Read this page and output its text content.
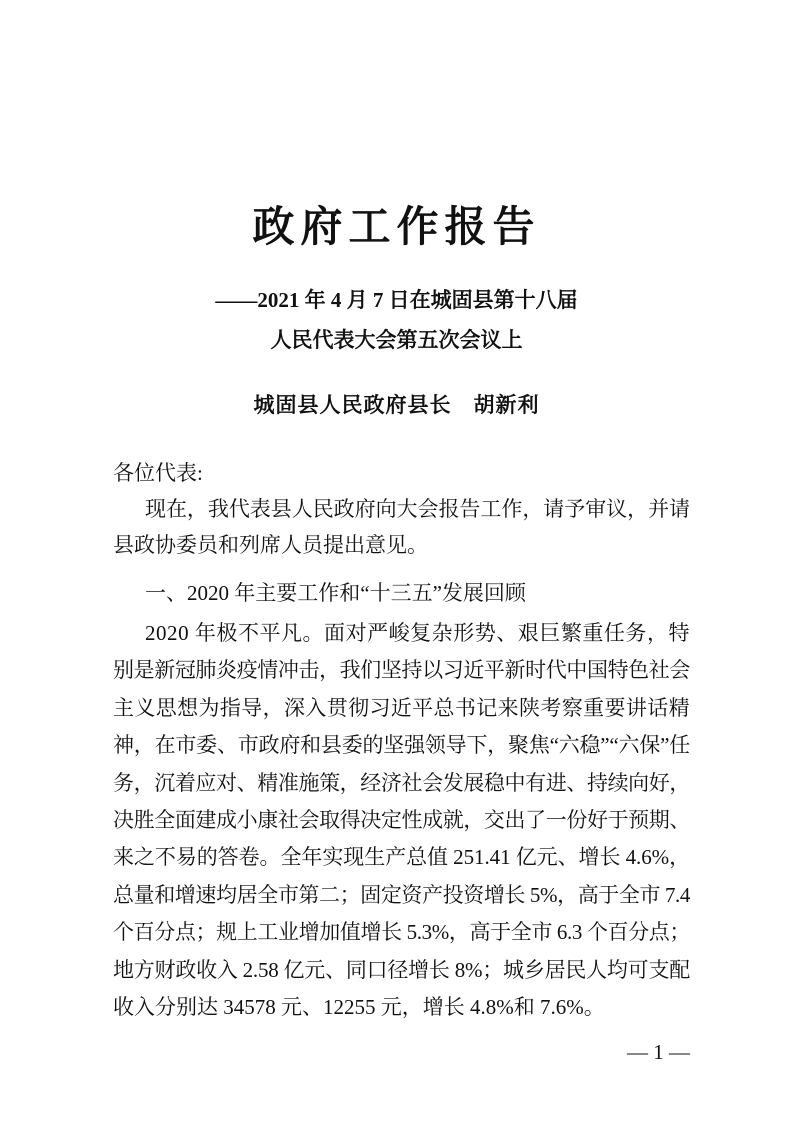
政府工作报告
——2021 年 4 月 7 日在城固县第十八届
人民代表大会第五次会议上
城固县人民政府县长　胡新利
各位代表:
现在，我代表县人民政府向大会报告工作，请予审议，并请
县政协委员和列席人员提出意见。
一、2020 年主要工作和“十三五”发展回顾
2020 年极不平凡。面对严峻复杂形势、艰巨繁重任务，特
别是新冠肺炎疫情冲击，我们坚持以习近平新时代中国特色社会
主义思想为指导，深入贯彻习近平总书记来陕考察重要讲话精
神，在市委、市政府和县委的坚强领导下，聚焦“六稳”“六保”任
务，沉着应对、精准施策，经济社会发展稳中有进、持续向好，
决胜全面建成小康社会取得决定性成就，交出了一份好于预期、
来之不易的答卷。全年实现生产总值 251.41 亿元、增长 4.6%，
总量和增速均居全市第二；固定资产投资增长 5%，高于全市 7.4
个百分点；规上工业增加值增长 5.3%，高于全市 6.3 个百分点；
地方财政收入 2.58 亿元、同口径增长 8%；城乡居民人均可支配
收入分别达 34578 元、12255 元，增长 4.8%和 7.6%。
— 1 —
